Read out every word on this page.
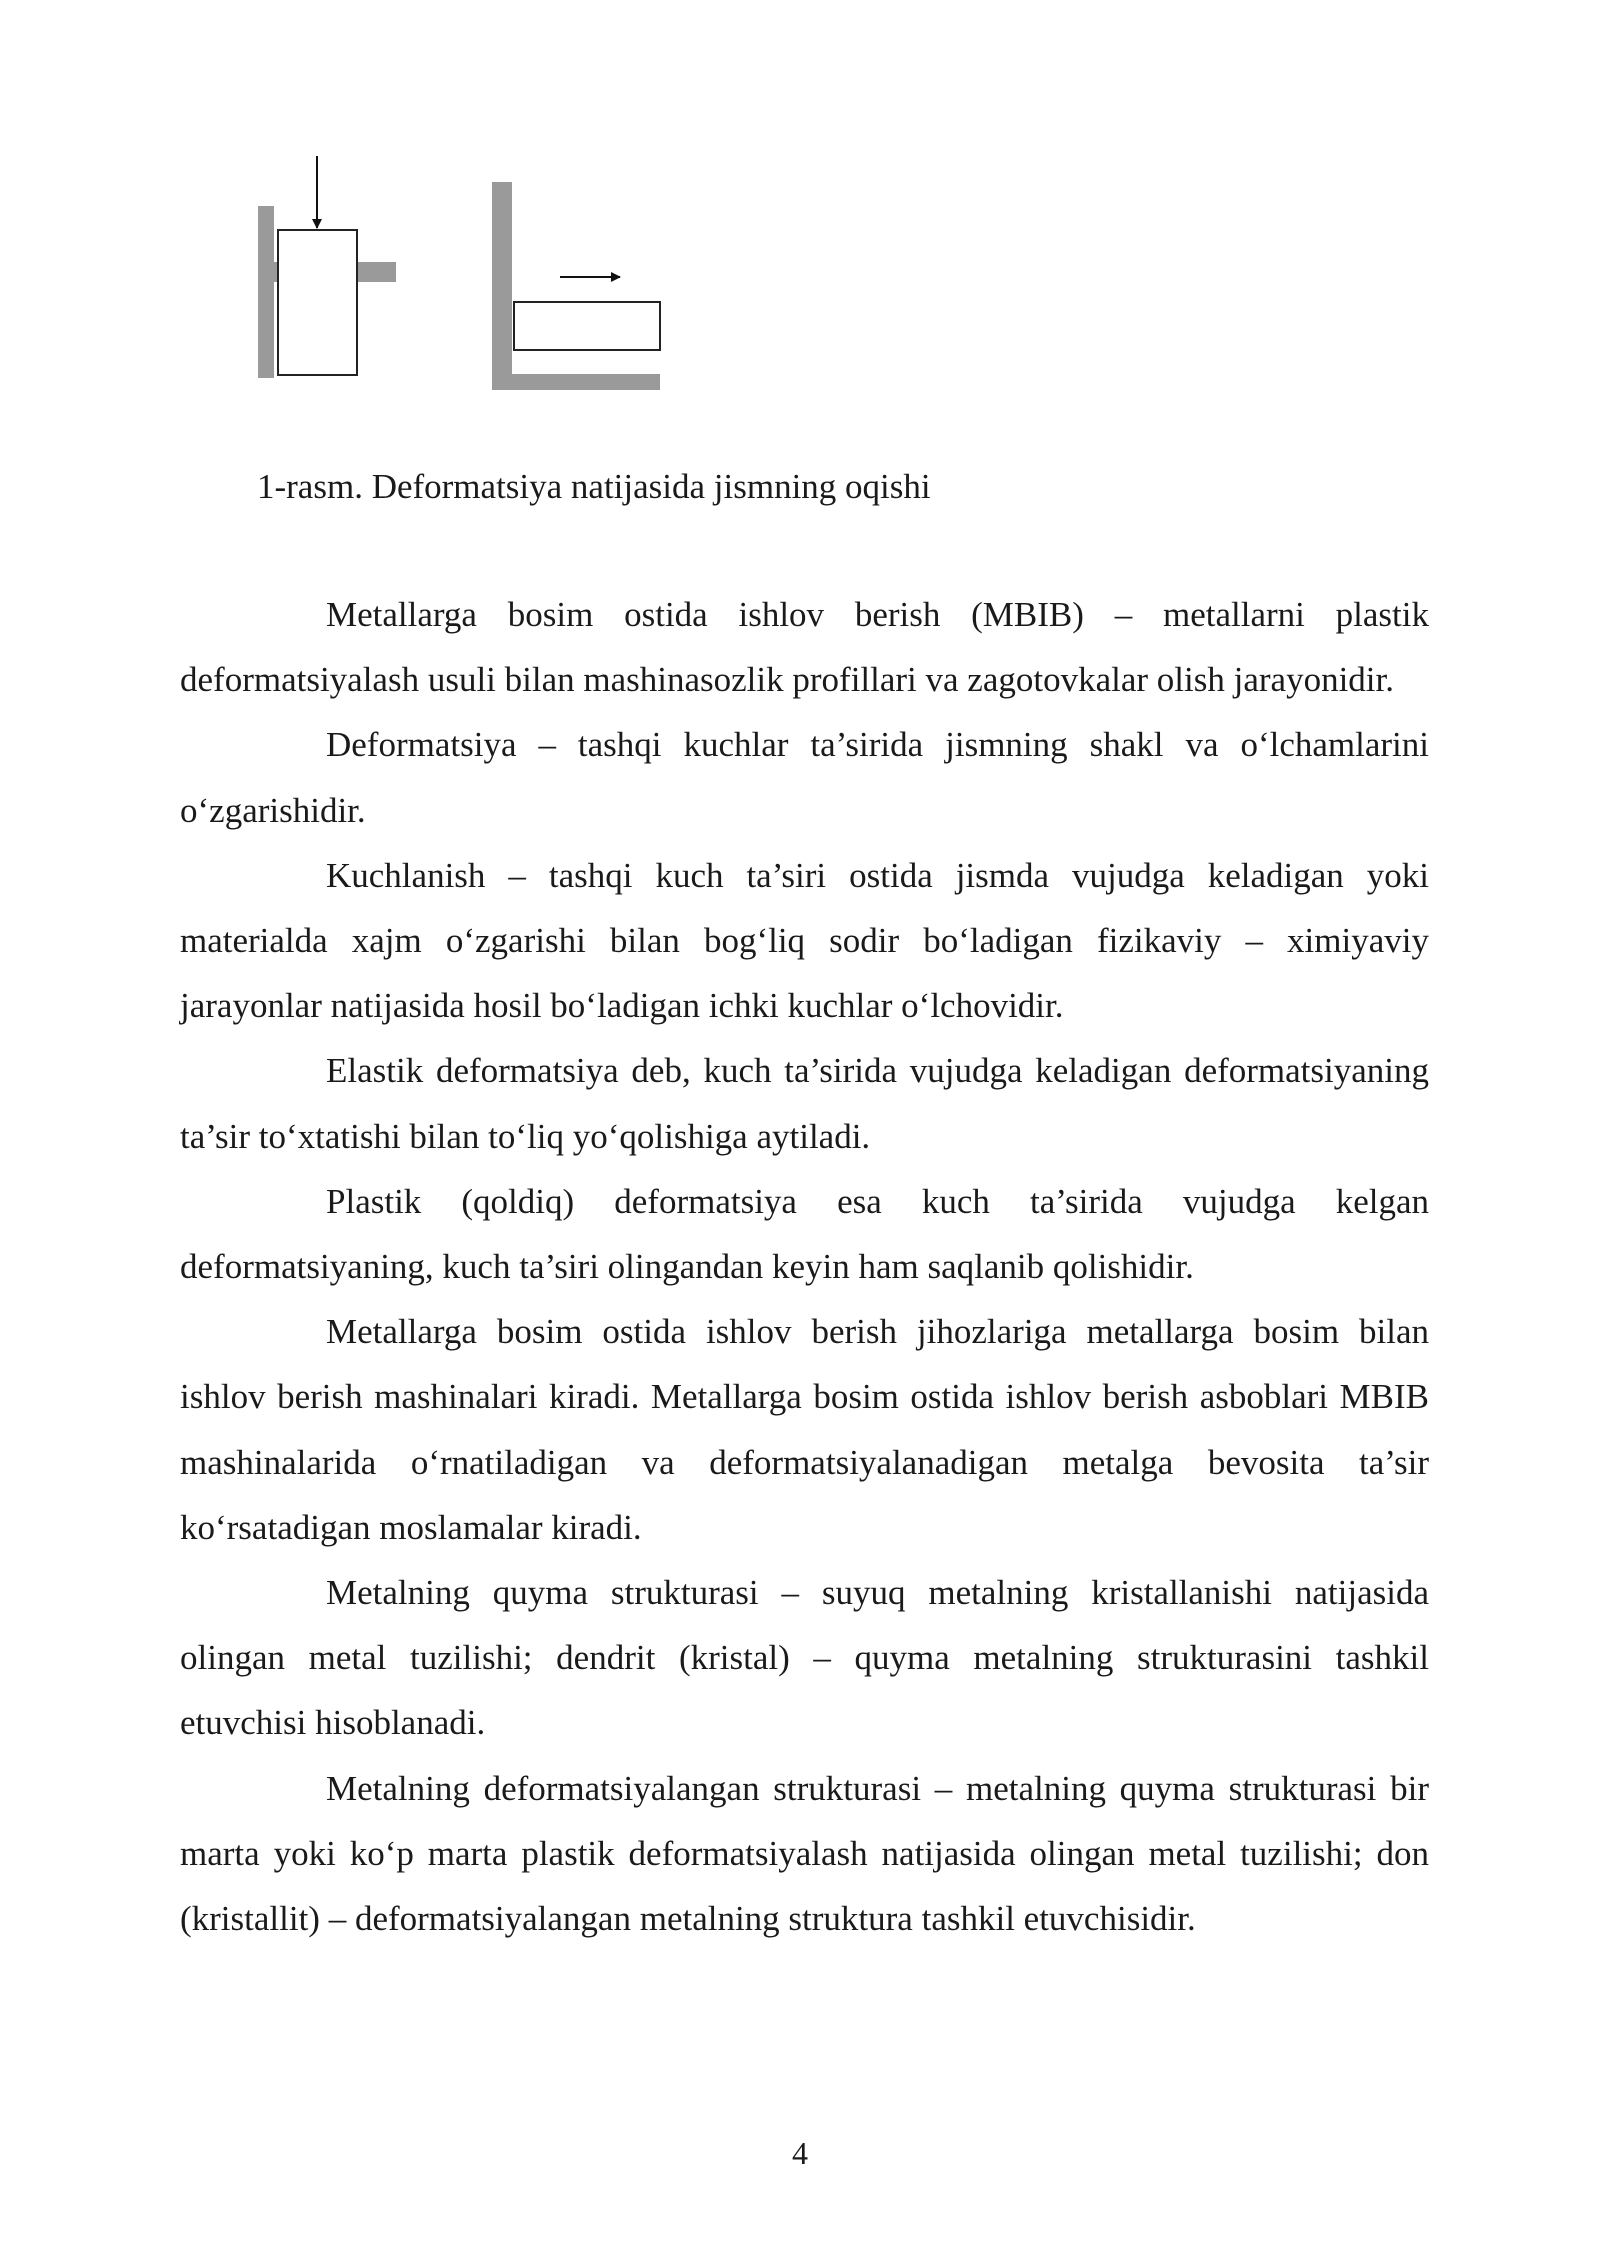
1-rasm. Deformatsiya natijasida jismning oqishi

Metallarga bosim ostida ishlov berish (MBIB) – metallarni plastik deformatsiyalash usuli bilan mashinasozlik profillari va zagotovkalar olish jarayonidir.

Deformatsiya – tashqi kuchlar ta’sirida jismning shakl va o‘lchamlarini o‘zgarishidir.

Kuchlanish – tashqi kuch ta’siri ostida jismda vujudga keladigan yoki materialda xajm o‘zgarishi bilan bog‘liq sodir bo‘ladigan fizikaviy – ximiyaviy jarayonlar natijasida hosil bo‘ladigan ichki kuchlar o‘lchovidir.

Elastik deformatsiya deb, kuch ta’sirida vujudga keladigan deformatsiyaning ta’sir to‘xtatishi bilan to‘liq yo‘qolishiga aytiladi.

Plastik (qoldiq) deformatsiya esa kuch ta’sirida vujudga kelgan deformatsiyaning, kuch ta’siri olingandan keyin ham saqlanib qolishidir.

Metallarga bosim ostida ishlov berish jihozlariga metallarga bosim bilan ishlov berish mashinalari kiradi. Metallarga bosim ostida ishlov berish asboblari MBIB mashinalarida o‘rnatiladigan va deformatsiyalanadigan metalga bevosita ta’sir ko‘rsatadigan moslamalar kiradi.

Metalning quyma strukturasi – suyuq metalning kristallanishi natijasida olingan metal tuzilishi; dendrit (kristal) – quyma metalning strukturasini tashkil etuvchisi hisoblanadi.

Metalning deformatsiyalangan strukturasi – metalning quyma strukturasi bir marta yoki ko‘p marta plastik deformatsiyalash natijasida olingan metal tuzilishi; don (kristallit) – deformatsiyalangan metalning struktura tashkil etuvchisidir.

4
